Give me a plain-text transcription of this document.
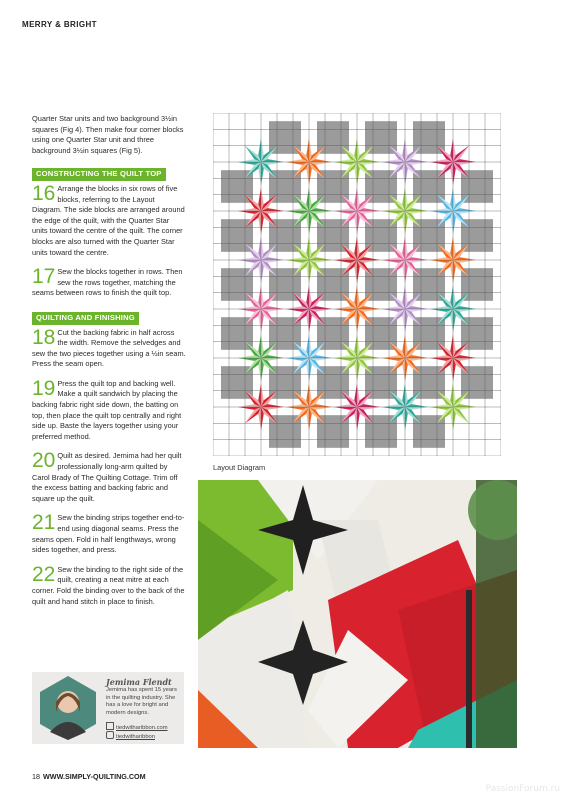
MERRY & BRIGHT

Quarter Star units and two background 3½in squares (Fig 4). Then make four corner blocks using one Quarter Star unit and three background 3½in squares (Fig 5).

CONSTRUCTING THE QUILT TOP
16 Arrange the blocks in six rows of five blocks, referring to the Layout Diagram. The side blocks are arranged around the edge of the quilt, with the Quarter Star units toward the centre of the quilt. The corner blocks are also turned with the Quarter Star units toward the centre.
17 Sew the blocks together in rows. Then sew the rows together, matching the seams between rows to finish the quilt top.
QUILTING AND FINISHING
18 Cut the backing fabric in half across the width. Remove the selvedges and sew the two pieces together using a ½in seam. Press the seam open.
19 Press the quilt top and backing well. Make a quilt sandwich by placing the backing fabric right side down, the batting on top, then place the quilt top centrally and right side up. Baste the layers together using your preferred method.
20 Quilt as desired. Jemima had her quilt professionally long-arm quilted by Carol Brady of The Quilting Cottage. Trim off the excess batting and backing fabric and square up the quilt.
21 Sew the binding strips together end-to-end using diagonal seams. Press the seams open. Fold in half lengthways, wrong sides together, and press.
22 Sew the binding to the right side of the quilt, creating a neat mitre at each corner. Fold the binding over to the back of the quilt and hand stitch in place to finish.
Layout Diagram
Jemima Flendt
Jemima has spent 15 years in the quilting industry. She has a love for bright and modern designs.
tiedwitharibbon.com
tiedwitharibbon
18 WWW.SIMPLY-QUILTING.COM
PassionForum.ru
